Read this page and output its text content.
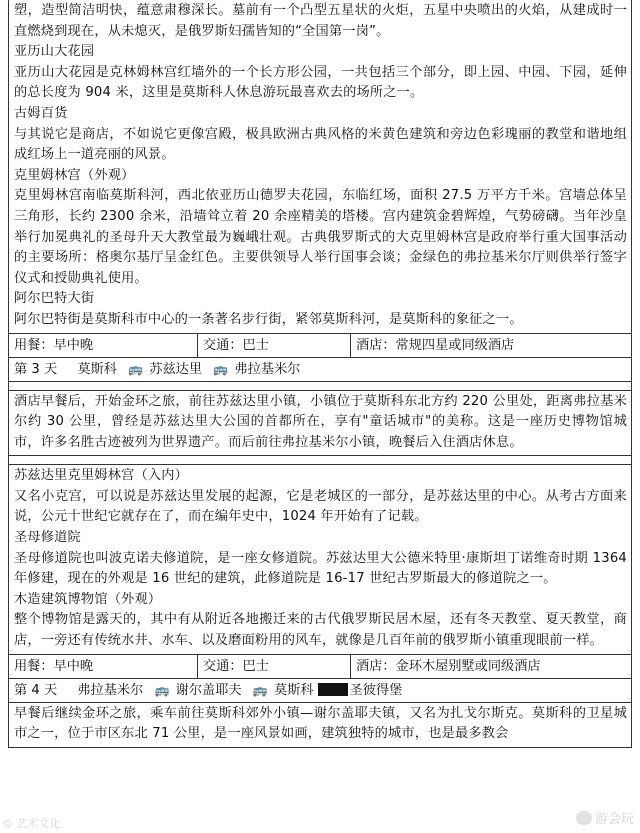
塑，造型简洁明快，蕴意肃穆深长。墓前有一个凸型五星状的火炬，五星中央喷出的火焰，从建成时一直燃烧到现在，从未熄灭，是俄罗斯妇孺皆知的“全国第一岗”。

亚历山大花园

亚历山大花园是克林姆林宫红墙外的一个长方形公园，一共包括三个部分，即上园、中园、下园，延伸的总长度为 904 米，这里是莫斯科人休息游玩最喜欢去的场所之一。

古姆百货

与其说它是商店，不如说它更像宫殿，极具欧洲古典风格的米黄色建筑和旁边色彩瑰丽的教堂和谐地组成红场上一道亮丽的风景。

克里姆林宫（外观）

克里姆林宫南临莫斯科河，西北依亚历山德罗夫花园，东临红场，面积 27.5 万平方千米。宫墙总体呈三角形，长约 2300 余米，沿墙耸立着 20 余座精美的塔楼。宫内建筑金碧辉煌，气势磅礴。当年沙皇举行加冕典礼的圣母升天大教堂最为巍峨壮观。古典俄罗斯式的大克里姆林宫是政府举行重大国事活动的主要场所：格奥尔基厅呈金红色。主要供领导人举行国事会谈；金绿色的弗拉基米尔厅则供举行签字仪式和授勋典礼使用。

阿尔巴特大街

阿尔巴特街是莫斯科市中心的一条著名步行街，紧邻莫斯科河，是莫斯科的象征之一。

用餐：早中晚	交通：巴士	酒店：常规四星或同级酒店
第 3 天 莫斯科 🚌 苏兹达里 🚌 弗拉基米尔

酒店早餐后，开始金环之旅，前往苏兹达里小镇，小镇位于莫斯科东北方约 220 公里处，距离弗拉基米尔约 30 公里，曾经是苏兹达里大公国的首都所在，享有"童话城市"的美称。这是一座历史博物馆城市，许多名胜古迹被列为世界遗产。而后前往弗拉基米尔小镇，晚餐后入住酒店休息。

苏兹达里克里姆林宫（入内）

又名小克宫，可以说是苏兹达里发展的起源，它是老城区的一部分，是苏兹达里的中心。从考古方面来说，公元十世纪它就存在了，而在编年史中，1024 年开始有了记载。

圣母修道院

圣母修道院也叫波克诺夫修道院，是一座女修道院。苏兹达里大公德米特里·康斯坦丁诺维奇时期 1364 年修建，现在的外观是 16 世纪的建筑，此修道院是 16-17 世纪古罗斯最大的修道院之一。

木造建筑博物馆（外观）

整个博物馆是露天的，其中有从附近各地搬迁来的古代俄罗斯民居木屋，还有冬天教堂、夏天教堂，商店，一旁还有传统水井、水车、以及磨面粉用的风车，就像是几百年前的俄罗斯小镇重现眼前一样。

用餐：早中晚	交通：巴士	酒店：金环木屋别墅或同级酒店
第 4 天 弗拉基米尔 🚌 谢尔盖耶夫 🚌 莫斯科	圣彼得堡

早餐后继续金环之旅，乘车前往莫斯科郊外小镇—谢尔盖耶夫镇，又名为扎戈尔斯克。莫斯科的卫星城市之一，位于市区东北 71 公里，是一座风景如画，建筑独特的城市，也是最多教会

© 艺术文化	游会玩
